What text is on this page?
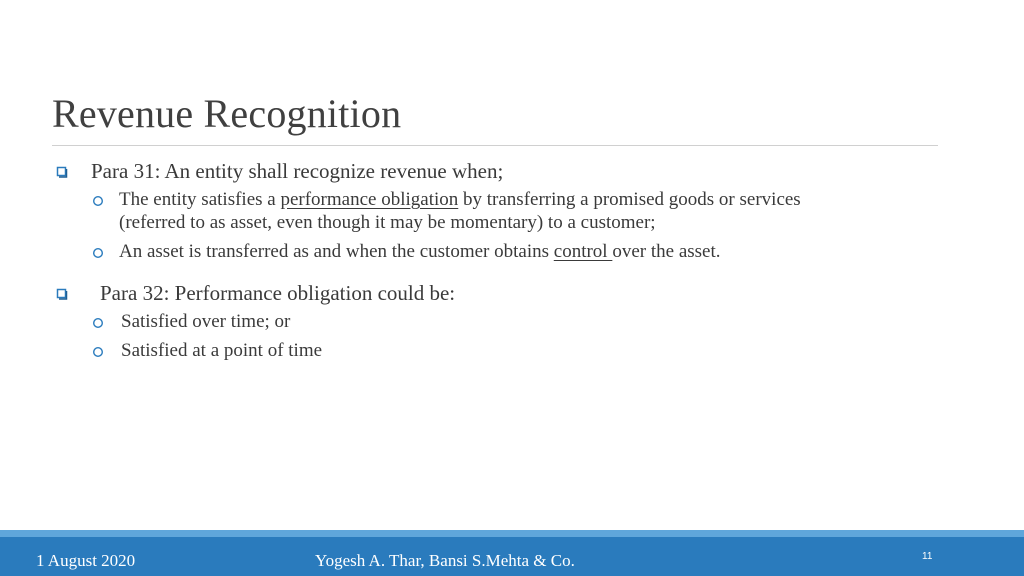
Revenue Recognition
Para 31: An entity shall recognize revenue when;
The entity satisfies a performance obligation by transferring a promised goods or services
(referred to as asset, even though it may be momentary) to a customer;
An asset is transferred as and when the customer obtains control over the asset.
Para 32: Performance obligation could be:
Satisfied over time; or
Satisfied at a point of time
1 August 2020	Yogesh A. Thar, Bansi S.Mehta & Co.	11
